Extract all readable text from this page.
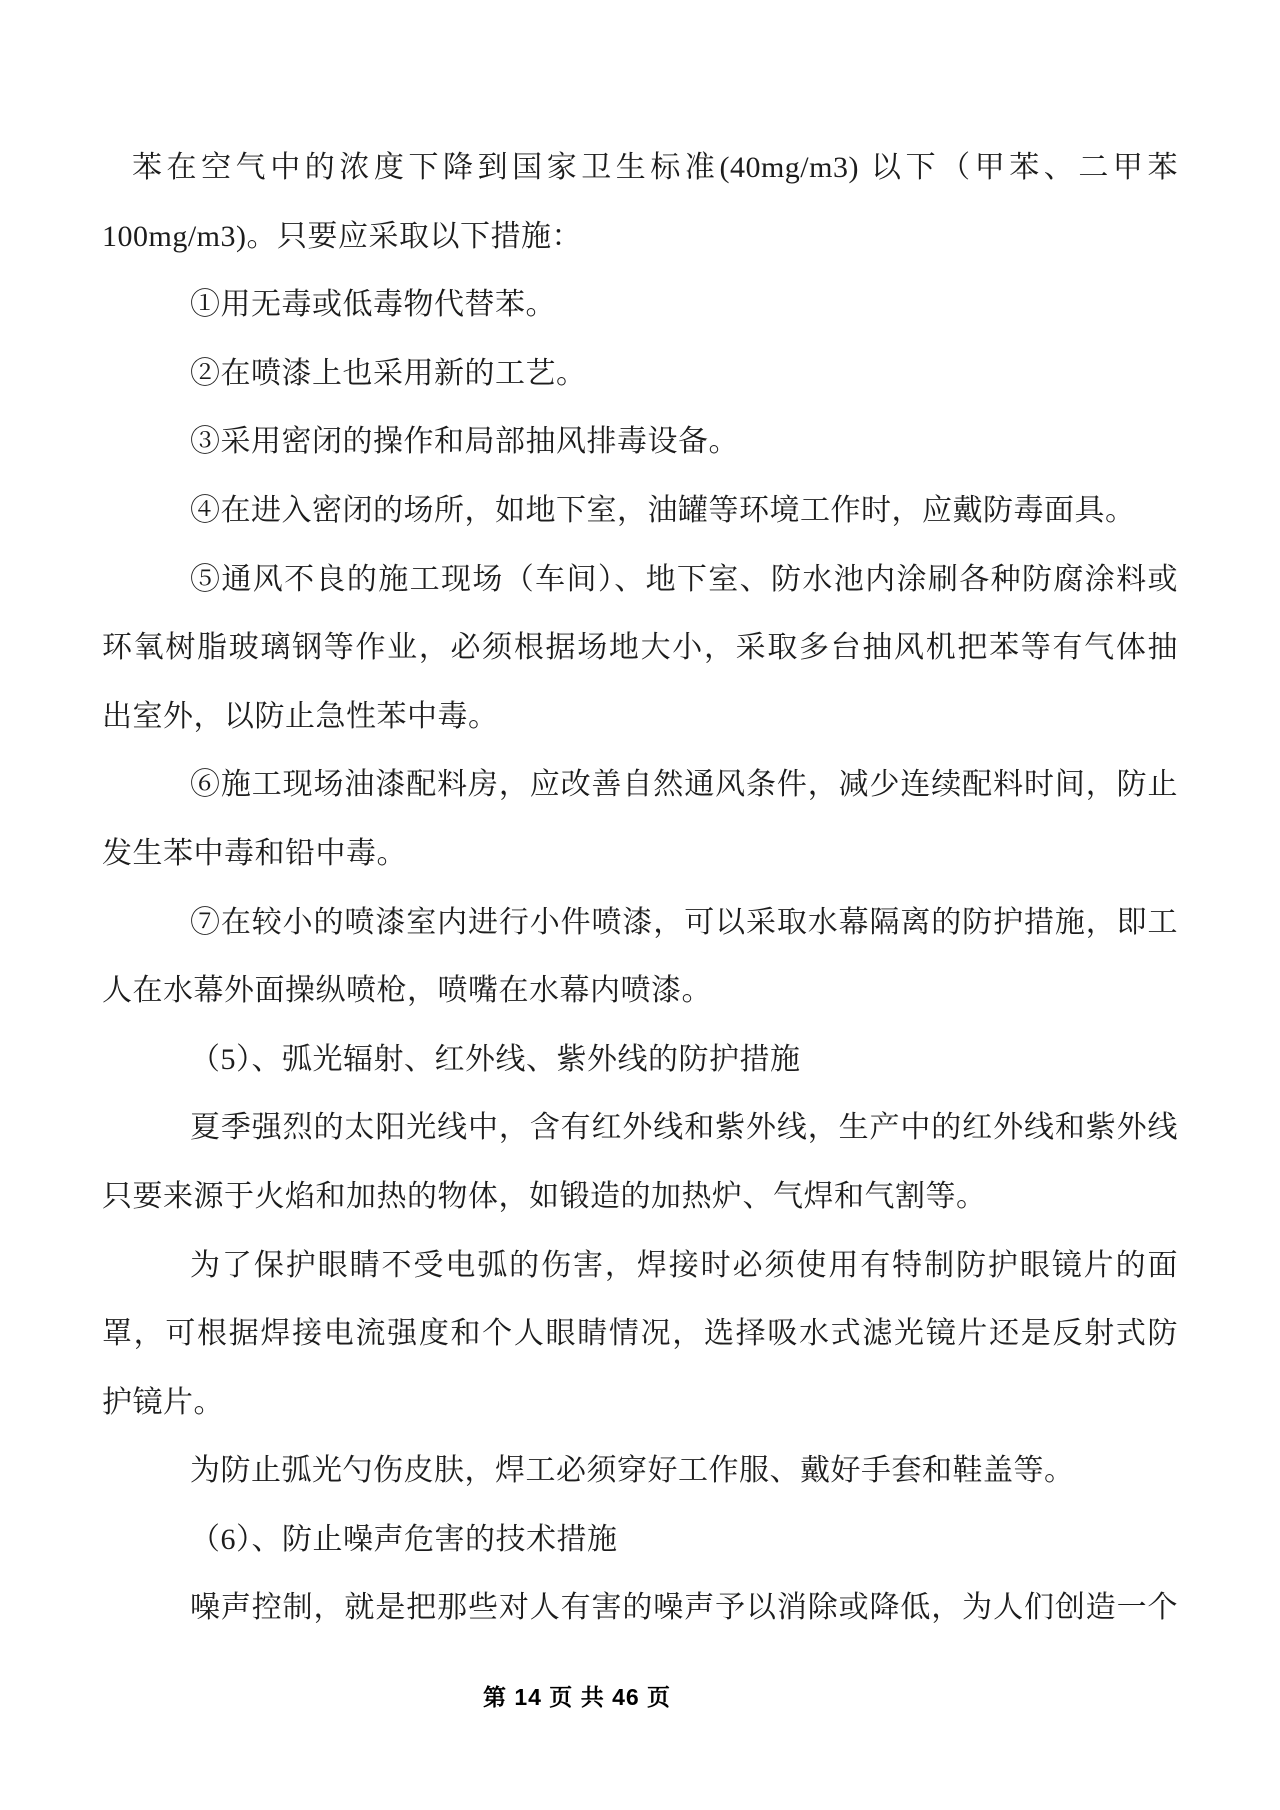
苯在空气中的浓度下降到国家卫生标准(40mg/m3) 以下（甲苯、二甲苯
100mg/m3)。只要应采取以下措施：
①用无毒或低毒物代替苯。
②在喷漆上也采用新的工艺。
③采用密闭的操作和局部抽风排毒设备。
④在进入密闭的场所，如地下室，油罐等环境工作时，应戴防毒面具。
⑤通风不良的施工现场（车间）、地下室、防水池内涂刷各种防腐涂料或
环氧树脂玻璃钢等作业，必须根据场地大小，采取多台抽风机把苯等有气体抽
出室外，以防止急性苯中毒。
⑥施工现场油漆配料房，应改善自然通风条件，减少连续配料时间，防止
发生苯中毒和铅中毒。
⑦在较小的喷漆室内进行小件喷漆，可以采取水幕隔离的防护措施，即工
人在水幕外面操纵喷枪，喷嘴在水幕内喷漆。
（5）、弧光辐射、红外线、紫外线的防护措施
夏季强烈的太阳光线中，含有红外线和紫外线，生产中的红外线和紫外线
只要来源于火焰和加热的物体，如锻造的加热炉、气焊和气割等。
为了保护眼睛不受电弧的伤害，焊接时必须使用有特制防护眼镜片的面
罩，可根据焊接电流强度和个人眼睛情况，选择吸水式滤光镜片还是反射式防
护镜片。
为防止弧光勺伤皮肤，焊工必须穿好工作服、戴好手套和鞋盖等。
（6）、防止噪声危害的技术措施
噪声控制，就是把那些对人有害的噪声予以消除或降低，为人们创造一个
第 14 页 共 46 页
